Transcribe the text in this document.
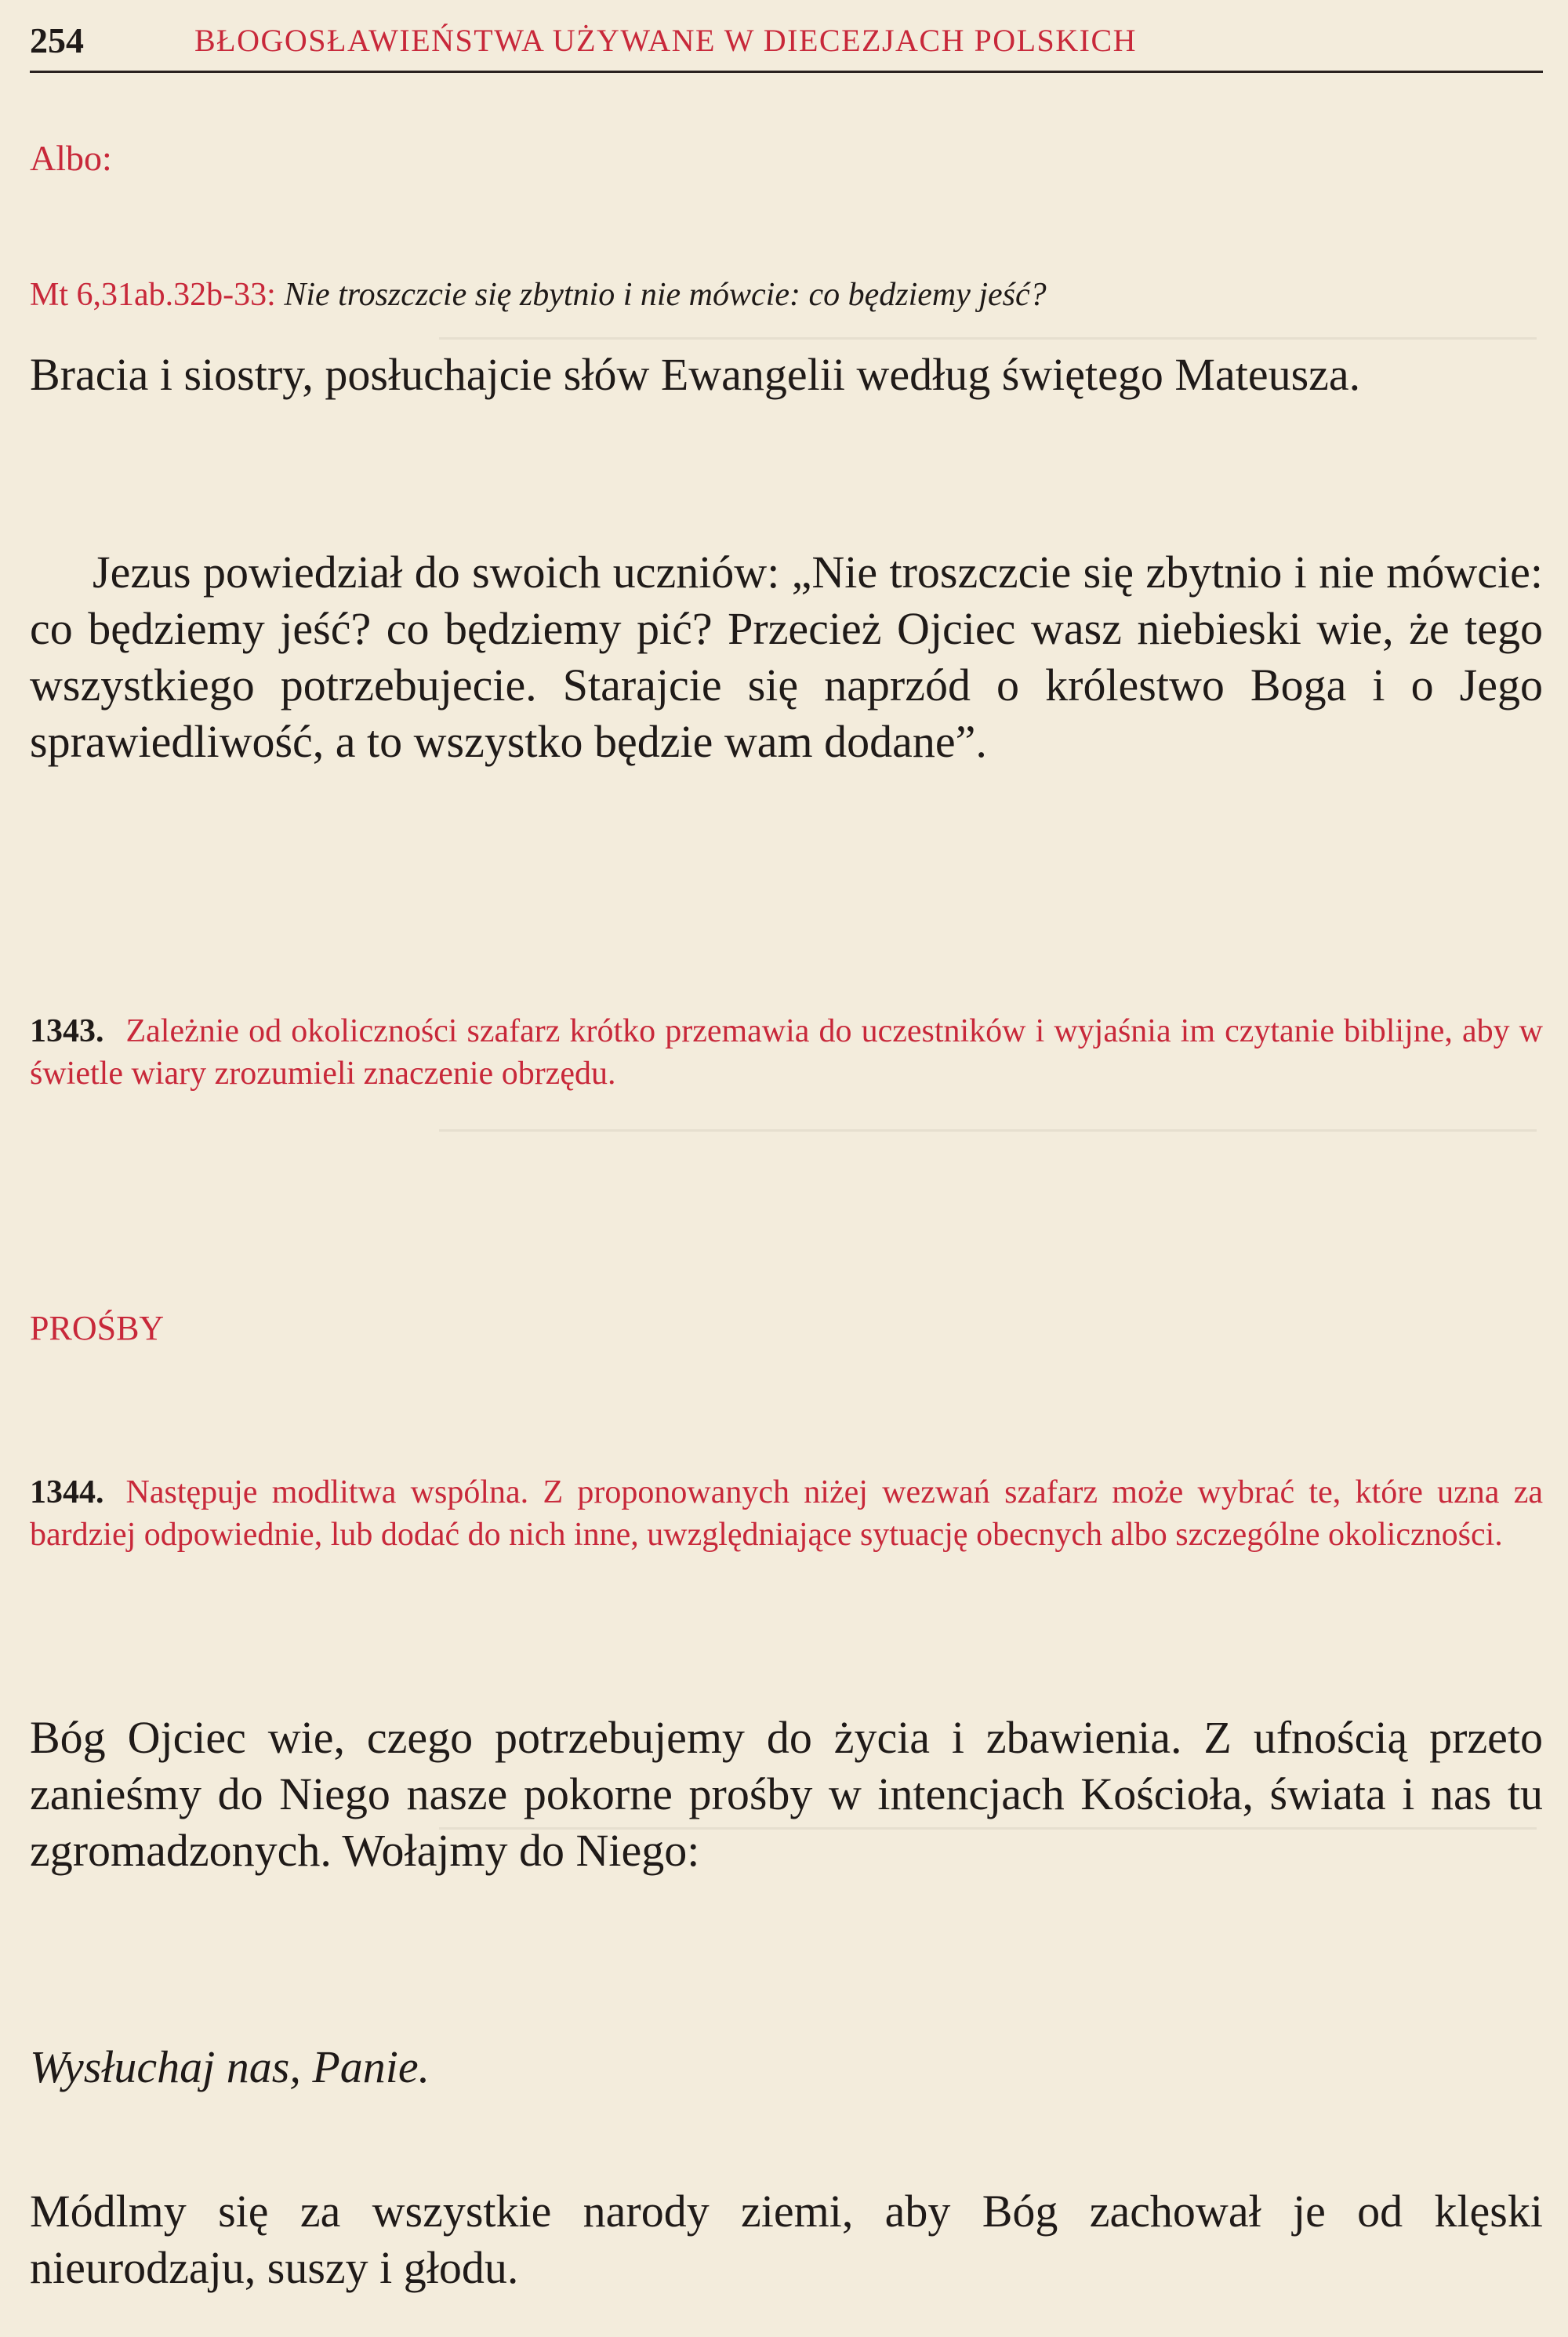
254	BŁOGOSŁAWIEŃSTWA UŻYWANE W DIECEZJACH POLSKICH
Albo:
Mt 6,31ab.32b-33: Nie troszczcie się zbytnio i nie mówcie: co będziemy jeść?
Bracia i siostry, posłuchajcie słów Ewangelii według świętego Mateusza.
Jezus powiedział do swoich uczniów: „Nie troszczcie się zbytnio i nie mówcie: co będziemy jeść? co będziemy pić? Przecież Ojciec wasz niebieski wie, że tego wszystkiego potrzebujecie. Starajcie się naprzód o królestwo Boga i o Jego sprawiedliwość, a to wszystko będzie wam dodane”.
1343. Zależnie od okoliczności szafarz krótko przemawia do uczestników i wyjaśnia im czytanie biblijne, aby w świetle wiary zrozumieli znaczenie obrzędu.
PROŚBY
1344. Następuje modlitwa wspólna. Z proponowanych niżej wezwań szafarz może wybrać te, które uzna za bardziej odpowiednie, lub dodać do nich inne, uwzględniające sytuację obecnych albo szczególne okoliczności.
Bóg Ojciec wie, czego potrzebujemy do życia i zbawienia. Z ufnością przeto zanieśmy do Niego nasze pokorne prośby w intencjach Kościoła, świata i nas tu zgromadzonych. Wołajmy do Niego:
Wysłuchaj nas, Panie.
Módlmy się za wszystkie narody ziemi, aby Bóg zachował je od klęski nieurodzaju, suszy i głodu.
